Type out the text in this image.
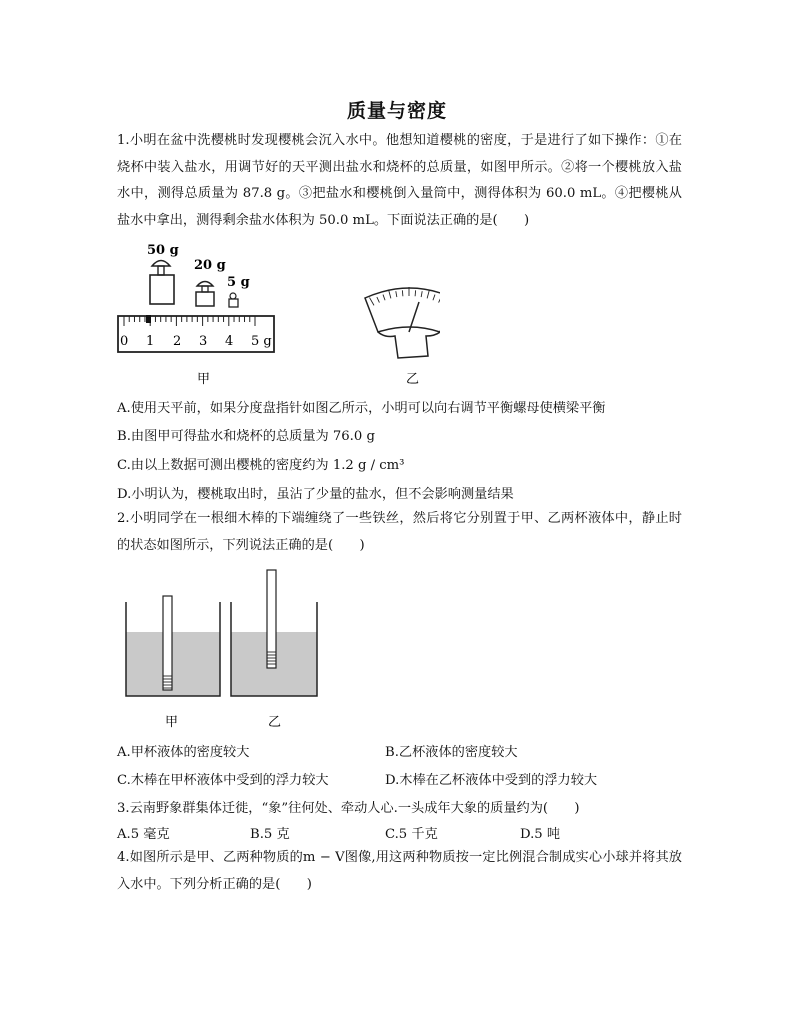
质量与密度
1.小明在盆中洗樱桃时发现樱桃会沉入水中。他想知道樱桃的密度，于是进行了如下操作：①在烧杯中装入盐水，用调节好的天平测出盐水和烧杯的总质量，如图甲所示。②将一个樱桃放入盐水中，测得总质量为 87.8 g。③把盐水和樱桃倒入量筒中，测得体积为 60.0 mL。④把樱桃从盐水中拿出，测得剩余盐水体积为 50.0 mL。下面说法正确的是(　　)
50 g
20 g
5 g
0 1 2 3 4 5 g
甲	乙
A.使用天平前，如果分度盘指针如图乙所示，小明可以向右调节平衡螺母使横梁平衡
B.由图甲可得盐水和烧杯的总质量为 76.0 g
C.由以上数据可测出樱桃的密度约为 1.2 g / cm³
D.小明认为，樱桃取出时，虽沾了少量的盐水，但不会影响测量结果
2.小明同学在一根细木棒的下端缠绕了一些铁丝，然后将它分别置于甲、乙两杯液体中，静止时的状态如图所示，下列说法正确的是(　　)
甲	乙
A.甲杯液体的密度较大	B.乙杯液体的密度较大
C.木棒在甲杯液体中受到的浮力较大	D.木棒在乙杯液体中受到的浮力较大
3.云南野象群集体迁徙，“象”往何处、牵动人心.一头成年大象的质量约为(　　)
A.5 毫克	B.5 克	C.5 千克	D.5 吨
4.如图所示是甲、乙两种物质的m − V图像,用这两种物质按一定比例混合制成实心小球并将其放入水中。下列分析正确的是(　　)
